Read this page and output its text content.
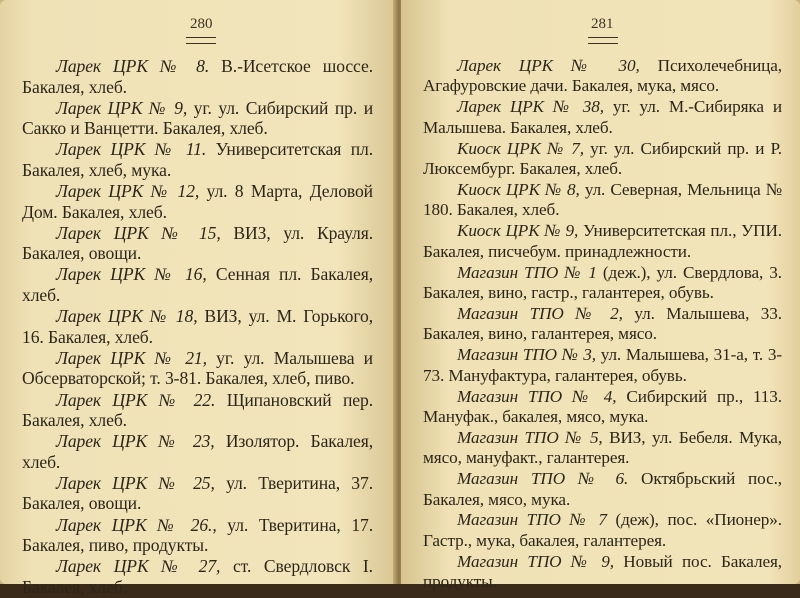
280

Ларек ЦРК № 8. В.-Исетское шоссе. Бакалея, хлеб.

Ларек ЦРК № 9, уг. ул. Сибирский пр. и Сакко и Ванцетти. Бакалея, хлеб.

Ларек ЦРК № 11. Университетская пл. Бакалея, хлеб, мука.

Ларек ЦРК № 12, ул. 8 Марта, Деловой Дом. Бакалея, хлеб.

Ларек ЦРК № 15, ВИЗ, ул. Крауля. Бакалея, овощи.

Ларек ЦРК № 16, Сенная пл. Бакалея, хлеб.

Ларек ЦРК № 18, ВИЗ, ул. М. Горького, 16. Бакалея, хлеб.

Ларек ЦРК № 21, уг. ул. Малышева и Обсерваторской; т. 3-81. Бакалея, хлеб, пиво.

Ларек ЦРК № 22. Щипановский пер. Бакалея, хлеб.

Ларек ЦРК № 23, Изолятор. Бакалея, хлеб.

Ларек ЦРК № 25, ул. Тверитина, 37. Бакалея, овощи.

Ларек ЦРК № 26., ул. Тверитина, 17. Бакалея, пиво, продукты.

Ларек ЦРК № 27, ст. Свердловск I. Бакалея, хлеб.

281

Ларек ЦРК № 30, Психолечебница, Агафуровские дачи. Бакалея, мука, мясо.

Ларек ЦРК № 38, уг. ул. М.-Сибиряка и Малышева. Бакалея, хлеб.

Киоск ЦРК № 7, уг. ул. Сибирский пр. и Р. Люксембург. Бакалея, хлеб.

Киоск ЦРК № 8, ул. Северная, Мельница № 180. Бакалея, хлеб.

Киоск ЦРК № 9, Университетская пл., УПИ. Бакалея, писчебум. принадлежности.

Магазин ТПО № 1 (деж.), ул. Свердлова, 3. Бакалея, вино, гастр., галантерея, обувь.

Магазин ТПО № 2, ул. Малышева, 33. Бакалея, вино, галантерея, мясо.

Магазин ТПО № 3, ул. Малышева, 31-а, т. 3-73. Мануфактура, галантерея, обувь.

Магазин ТПО № 4, Сибирский пр., 113. Мануфак., бакалея, мясо, мука.

Магазин ТПО № 5, ВИЗ, ул. Бебеля. Мука, мясо, мануфакт., галантерея.

Магазин ТПО № 6. Октябрьский пос., Бакалея, мясо, мука.

Магазин ТПО № 7 (деж), пос. «Пионер». Гастр., мука, бакалея, галантерея.

Магазин ТПО № 9, Новый пос. Бакалея, продукты.
